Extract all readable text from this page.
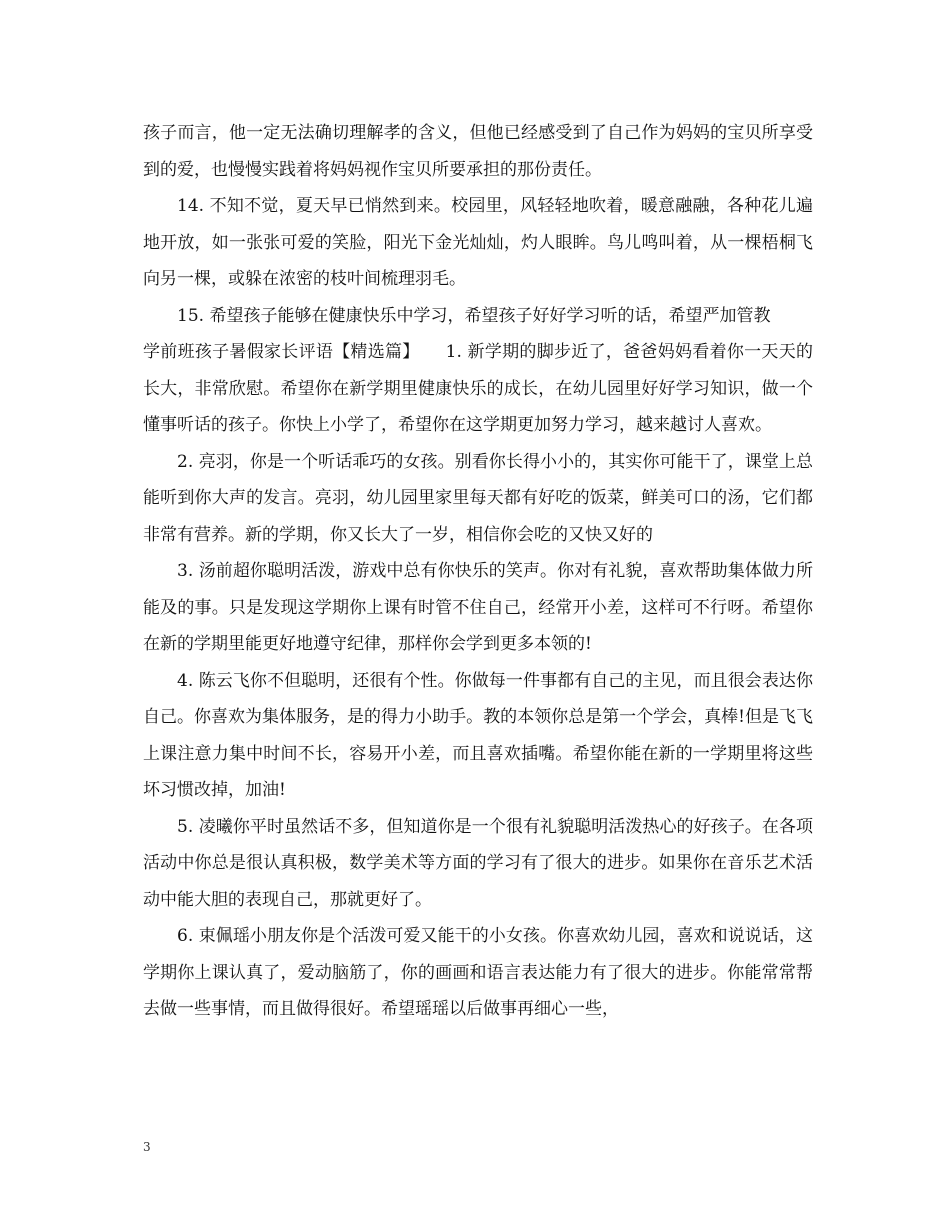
孩子而言，他一定无法确切理解孝的含义，但他已经感受到了自己作为妈妈的宝贝所享受到的爱，也慢慢实践着将妈妈视作宝贝所要承担的那份责任。

14. 不知不觉，夏天早已悄然到来。校园里，风轻轻地吹着，暖意融融，各种花儿遍地开放，如一张张可爱的笑脸，阳光下金光灿灿，灼人眼眸。鸟儿鸣叫着，从一棵梧桐飞向另一棵，或躲在浓密的枝叶间梳理羽毛。

15. 希望孩子能够在健康快乐中学习，希望孩子好好学习听的话，希望严加管教

学前班孩子暑假家长评语【精选篇】　　1. 新学期的脚步近了，爸爸妈妈看着你一天天的长大，非常欣慰。希望你在新学期里健康快乐的成长，在幼儿园里好好学习知识，做一个懂事听话的孩子。你快上小学了，希望你在这学期更加努力学习，越来越讨人喜欢。

2. 亮羽，你是一个听话乖巧的女孩。别看你长得小小的，其实你可能干了，课堂上总能听到你大声的发言。亮羽，幼儿园里家里每天都有好吃的饭菜，鲜美可口的汤，它们都非常有营养。新的学期，你又长大了一岁，相信你会吃的又快又好的

3. 汤前超你聪明活泼，游戏中总有你快乐的笑声。你对有礼貌，喜欢帮助集体做力所能及的事。只是发现这学期你上课有时管不住自己，经常开小差，这样可不行呀。希望你在新的学期里能更好地遵守纪律，那样你会学到更多本领的!

4. 陈云飞你不但聪明，还很有个性。你做每一件事都有自己的主见，而且很会表达你自己。你喜欢为集体服务，是的得力小助手。教的本领你总是第一个学会，真棒!但是飞飞上课注意力集中时间不长，容易开小差，而且喜欢插嘴。希望你能在新的一学期里将这些坏习惯改掉，加油!

5. 凌曦你平时虽然话不多，但知道你是一个很有礼貌聪明活泼热心的好孩子。在各项活动中你总是很认真积极，数学美术等方面的学习有了很大的进步。如果你在音乐艺术活动中能大胆的表现自己，那就更好了。

6. 束佩瑶小朋友你是个活泼可爱又能干的小女孩。你喜欢幼儿园，喜欢和说说话，这学期你上课认真了，爱动脑筋了，你的画画和语言表达能力有了很大的进步。你能常常帮去做一些事情，而且做得很好。希望瑶瑶以后做事再细心一些，

3
